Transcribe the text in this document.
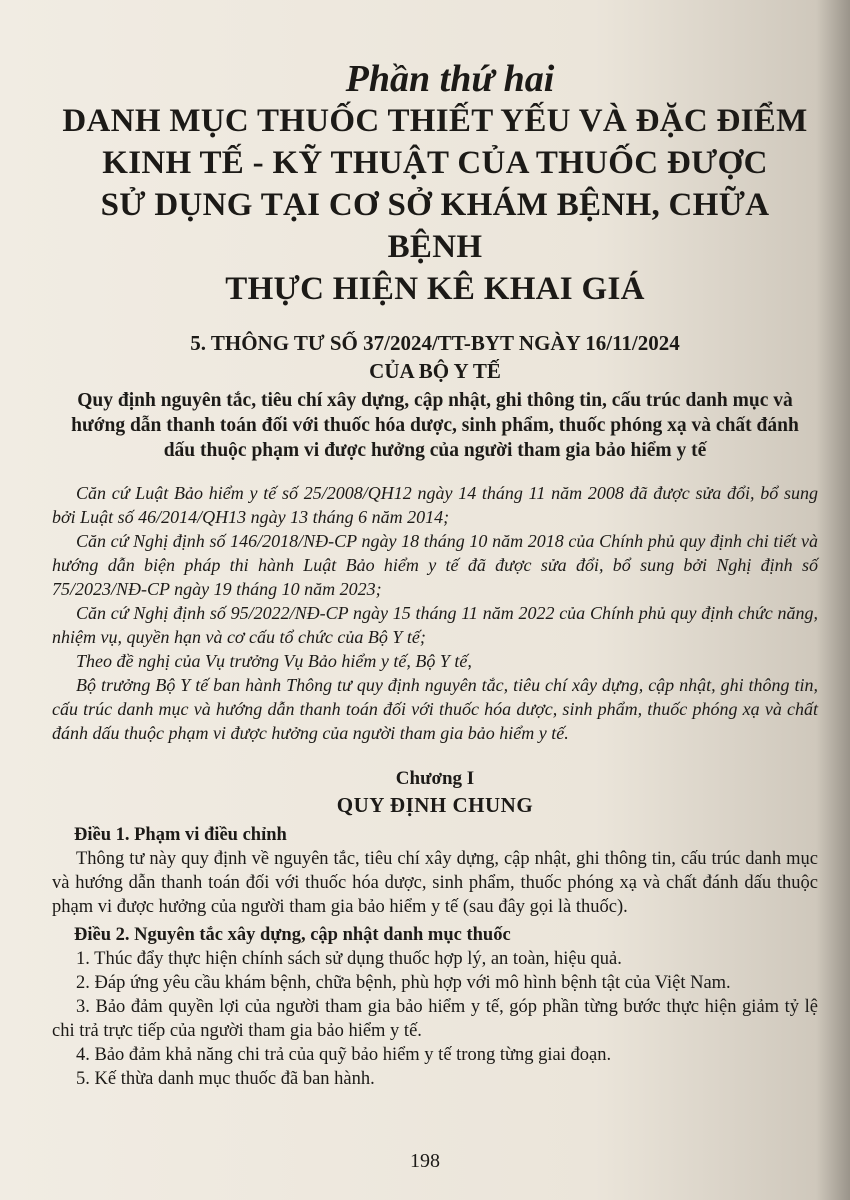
Phần thứ hai

DANH MỤC THUỐC THIẾT YẾU VÀ ĐẶC ĐIỂM

KINH TẾ - KỸ THUẬT CỦA THUỐC ĐƯỢC

SỬ DỤNG TẠI CƠ SỞ KHÁM BỆNH, CHỮA BỆNH

THỰC HIỆN KÊ KHAI GIÁ

5. THÔNG TƯ SỐ 37/2024/TT-BYT NGÀY 16/11/2024

CỦA BỘ Y TẾ

Quy định nguyên tắc, tiêu chí xây dựng, cập nhật, ghi thông tin, cấu trúc danh mục và hướng dẫn thanh toán đối với thuốc hóa dược, sinh phẩm, thuốc phóng xạ và chất đánh dấu thuộc phạm vi được hưởng của người tham gia bảo hiểm y tế

Căn cứ Luật Bảo hiểm y tế số 25/2008/QH12 ngày 14 tháng 11 năm 2008 đã được sửa đổi, bổ sung bởi Luật số 46/2014/QH13 ngày 13 tháng 6 năm 2014;

Căn cứ Nghị định số 146/2018/NĐ-CP ngày 18 tháng 10 năm 2018 của Chính phủ quy định chi tiết và hướng dẫn biện pháp thi hành Luật Bảo hiểm y tế đã được sửa đổi, bổ sung bởi Nghị định số 75/2023/NĐ-CP ngày 19 tháng 10 năm 2023;

Căn cứ Nghị định số 95/2022/NĐ-CP ngày 15 tháng 11 năm 2022 của Chính phủ quy định chức năng, nhiệm vụ, quyền hạn và cơ cấu tổ chức của Bộ Y tế;

Theo đề nghị của Vụ trưởng Vụ Bảo hiểm y tế, Bộ Y tế,

Bộ trưởng Bộ Y tế ban hành Thông tư quy định nguyên tắc, tiêu chí xây dựng, cập nhật, ghi thông tin, cấu trúc danh mục và hướng dẫn thanh toán đối với thuốc hóa dược, sinh phẩm, thuốc phóng xạ và chất đánh dấu thuộc phạm vi được hưởng của người tham gia bảo hiểm y tế.

Chương I

QUY ĐỊNH CHUNG

Điều 1. Phạm vi điều chỉnh

Thông tư này quy định về nguyên tắc, tiêu chí xây dựng, cập nhật, ghi thông tin, cấu trúc danh mục và hướng dẫn thanh toán đối với thuốc hóa dược, sinh phẩm, thuốc phóng xạ và chất đánh dấu thuộc phạm vi được hưởng của người tham gia bảo hiểm y tế (sau đây gọi là thuốc).

Điều 2. Nguyên tắc xây dựng, cập nhật danh mục thuốc

1. Thúc đẩy thực hiện chính sách sử dụng thuốc hợp lý, an toàn, hiệu quả.

2. Đáp ứng yêu cầu khám bệnh, chữa bệnh, phù hợp với mô hình bệnh tật của Việt Nam.

3. Bảo đảm quyền lợi của người tham gia bảo hiểm y tế, góp phần từng bước thực hiện giảm tỷ lệ chi trả trực tiếp của người tham gia bảo hiểm y tế.

4. Bảo đảm khả năng chi trả của quỹ bảo hiểm y tế trong từng giai đoạn.

5. Kế thừa danh mục thuốc đã ban hành.

198
